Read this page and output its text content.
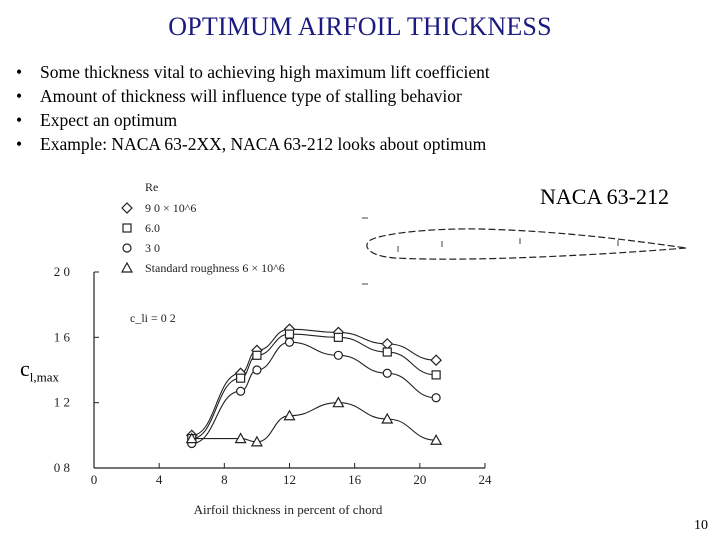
OPTIMUM AIRFOIL THICKNESS
•	Some thickness vital to achieving high maximum lift coefficient
•	Amount of thickness will influence type of stalling behavior
•	Expect an optimum
•	Example: NACA 63-2XX, NACA 63-212 looks about optimum
NACA 63-212
$c_{l,max}$
0	4	8	12	16	20	24
0 8
1 2
1 6
2 0
9 0 × 10^6
6.0
3 0
Standard roughness 6 × 10^6
Airfoil thickness in percent of chord
Re
c_li = 0 2
10
